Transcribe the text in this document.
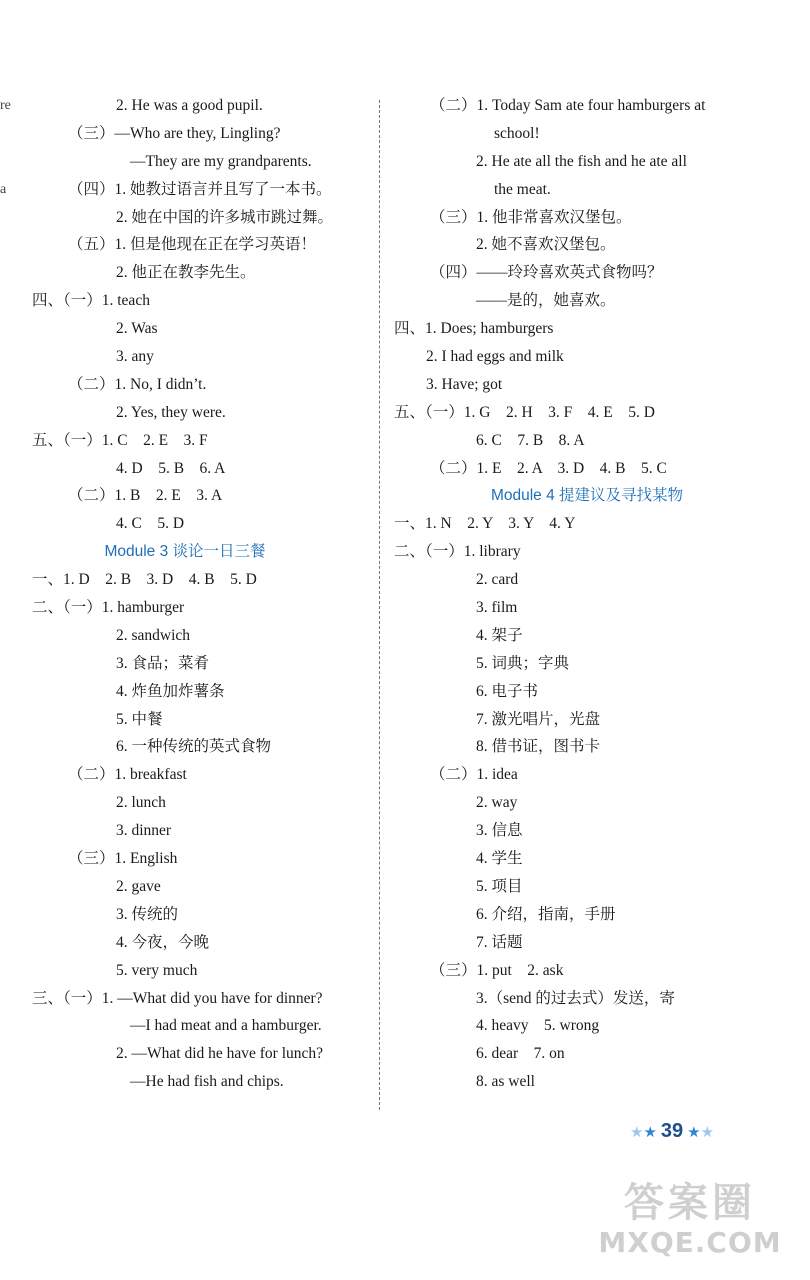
re
a
2. He was a good pupil.
（三）—Who are they, Lingling?
—They are my grandparents.
（四）1. 她教过语言并且写了一本书。
2. 她在中国的许多城市跳过舞。
（五）1. 但是他现在正在学习英语！
2. 他正在教李先生。
四、（一）1. teach
2. Was
3. any
（二）1. No, I didn’t.
2. Yes, they were.
五、（一）1. C　2. E　3. F
4. D　5. B　6. A
（二）1. B　2. E　3. A
4. C　5. D
Module 3 谈论一日三餐
一、1. D　2. B　3. D　4. B　5. D
二、（一）1. hamburger
2. sandwich
3. 食品；菜肴
4. 炸鱼加炸薯条
5. 中餐
6. 一种传统的英式食物
（二）1. breakfast
2. lunch
3. dinner
（三）1. English
2. gave
3. 传统的
4. 今夜，今晚
5. very much
三、（一）1. —What did you have for dinner?
—I had meat and a hamburger.
2. —What did he have for lunch?
—He had fish and chips.
（二）1. Today Sam ate four hamburgers at
school!
2. He ate all the fish and he ate all
the meat.
（三）1. 他非常喜欢汉堡包。
2. 她不喜欢汉堡包。
（四）——玲玲喜欢英式食物吗？
——是的，她喜欢。
四、1. Does; hamburgers
2. I had eggs and milk
3. Have; got
五、（一）1. G　2. H　3. F　4. E　5. D
6. C　7. B　8. A
（二）1. E　2. A　3. D　4. B　5. C
Module 4 提建议及寻找某物
一、1. N　2. Y　3. Y　4. Y
二、（一）1. library
2. card
3. film
4. 架子
5. 词典；字典
6. 电子书
7. 激光唱片，光盘
8. 借书证，图书卡
（二）1. idea
2. way
3. 信息
4. 学生
5. 项目
6. 介绍，指南，手册
7. 话题
（三）1. put　2. ask
3.（send 的过去式）发送，寄
4. heavy　5. wrong
6. dear　7. on
8. as well
★★ 39 ★★
答案圈
MXQE.COM
